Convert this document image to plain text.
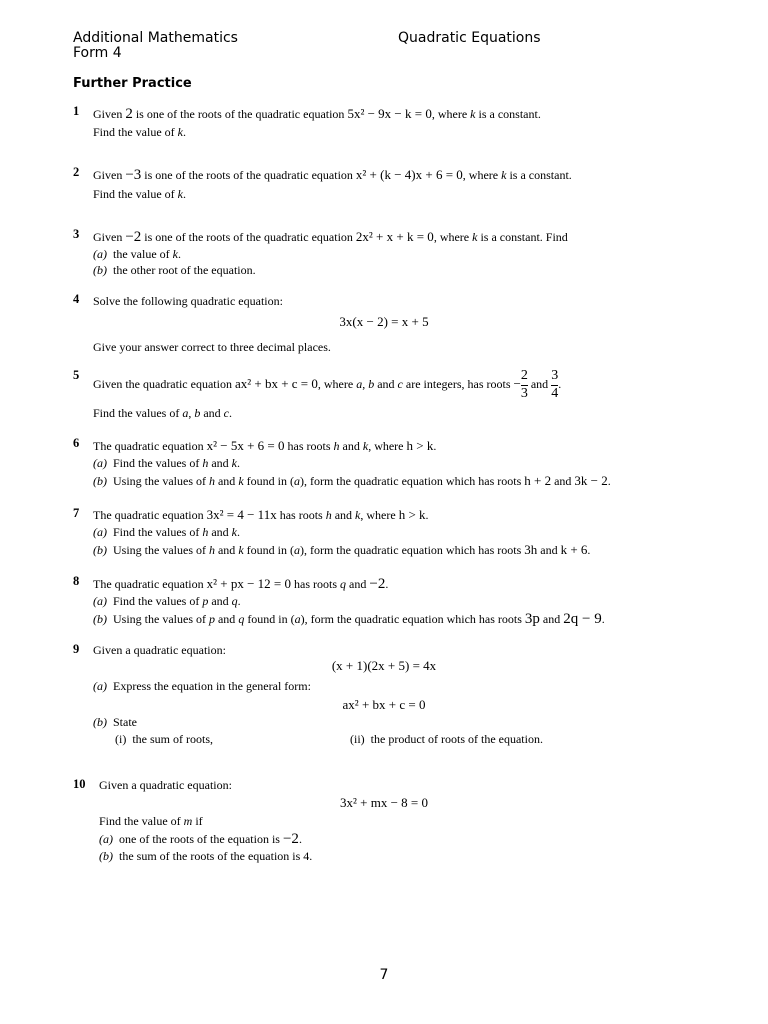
Additional Mathematics
Form 4
Quadratic Equations
Further Practice
1 Given 2 is one of the roots of the quadratic equation 5x² − 9x − k = 0, where k is a constant.
Find the value of k.
2 Given −3 is one of the roots of the quadratic equation x² + (k − 4)x + 6 = 0, where k is a constant.
Find the value of k.
3 Given −2 is one of the roots of the quadratic equation 2x² + x + k = 0, where k is a constant. Find
(a) the value of k.
(b) the other root of the equation.
4 Solve the following quadratic equation:
3x(x − 2) = x + 5
Give your answer correct to three decimal places.
5
Given the quadratic equation ax² + bx + c = 0, where a, b and c are integers, has roots − $\frac{2}{3}$ and $\frac{3}{4}$ .
Find the values of a, b and c.
6 The quadratic equation x² − 5x + 6 = 0 has roots h and k, where h > k.
(a) Find the values of h and k.
(b) Using the values of h and k found in (a), form the quadratic equation which has roots h + 2 and 3k − 2.
7 The quadratic equation 3x² = 4 − 11x has roots h and k, where h > k.
(a) Find the values of h and k.
(b) Using the values of h and k found in (a), form the quadratic equation which has roots 3h and k + 6.
8 The quadratic equation x² + px − 12 = 0 has roots q and −2.
(a) Find the values of p and q.
(b) Using the values of p and q found in (a), form the quadratic equation which has roots 3p and 2q − 9.
9 Given a quadratic equation:
(x + 1)(2x + 5) = 4x
(a) Express the equation in the general form:
ax² + bx + c = 0
(b) State
(i) the sum of roots,	(ii) the product of roots of the equation.
10 Given a quadratic equation:
3x² + mx − 8 = 0
Find the value of m if
(a) one of the roots of the equation is −2.
(b) the sum of the roots of the equation is 4.
7
